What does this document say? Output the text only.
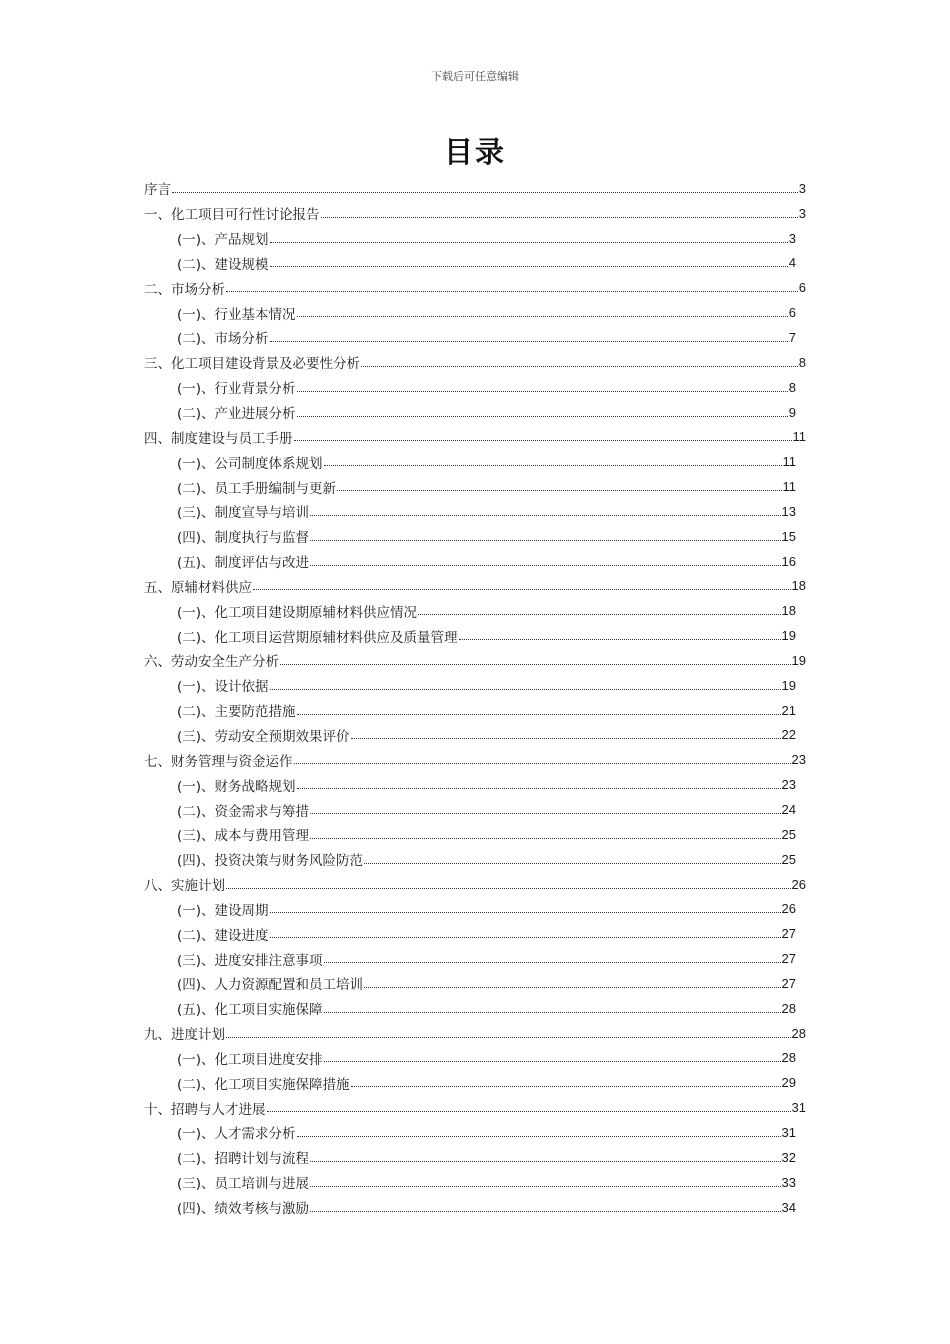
下载后可任意编辑
目录
序言	3
一、化工项目可行性讨论报告	3
(一)、产品规划	3
(二)、建设规模	4
二、市场分析	6
(一)、行业基本情况	6
(二)、市场分析	7
三、化工项目建设背景及必要性分析	8
(一)、行业背景分析	8
(二)、产业进展分析	9
四、制度建设与员工手册	11
(一)、公司制度体系规划	11
(二)、员工手册编制与更新	11
(三)、制度宣导与培训	13
(四)、制度执行与监督	15
(五)、制度评估与改进	16
五、原辅材料供应	18
(一)、化工项目建设期原辅材料供应情况	18
(二)、化工项目运营期原辅材料供应及质量管理	19
六、劳动安全生产分析	19
(一)、设计依据	19
(二)、主要防范措施	21
(三)、劳动安全预期效果评价	22
七、财务管理与资金运作	23
(一)、财务战略规划	23
(二)、资金需求与筹措	24
(三)、成本与费用管理	25
(四)、投资决策与财务风险防范	25
八、实施计划	26
(一)、建设周期	26
(二)、建设进度	27
(三)、进度安排注意事项	27
(四)、人力资源配置和员工培训	27
(五)、化工项目实施保障	28
九、进度计划	28
(一)、化工项目进度安排	28
(二)、化工项目实施保障措施	29
十、招聘与人才进展	31
(一)、人才需求分析	31
(二)、招聘计划与流程	32
(三)、员工培训与进展	33
(四)、绩效考核与激励	34
